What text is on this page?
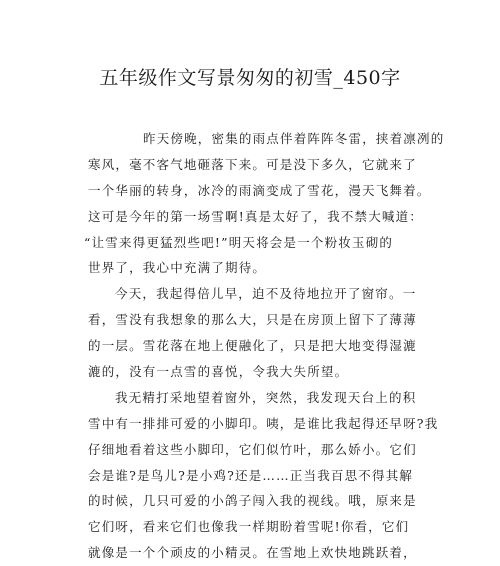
五年级作文写景匆匆的初雪_450字
昨天傍晚，密集的雨点伴着阵阵冬雷，挟着凛冽的
寒风，毫不客气地砸落下来。可是没下多久，它就来了
一个华丽的转身，冰冷的雨滴变成了雪花，漫天飞舞着。
这可是今年的第一场雪啊!真是太好了，我不禁大喊道：
“让雪来得更猛烈些吧!”明天将会是一个粉妆玉砌的
世界了，我心中充满了期待。
今天，我起得倍儿早，迫不及待地拉开了窗帘。一
看，雪没有我想象的那么大，只是在房顶上留下了薄薄
的一层。雪花落在地上便融化了，只是把大地变得湿漉
漉的，没有一点雪的喜悦，令我大失所望。
我无精打采地望着窗外，突然，我发现天台上的积
雪中有一排排可爱的小脚印。咦，是谁比我起得还早呀?我
仔细地看着这些小脚印，它们似竹叶，那么娇小。它们
会是谁?是鸟儿?是小鸡?还是……正当我百思不得其解
的时候，几只可爱的小鸽子闯入我的视线。哦，原来是
它们呀，看来它们也像我一样期盼着雪呢!你看，它们
就像是一个个顽皮的小精灵。在雪地上欢快地跳跃着，
